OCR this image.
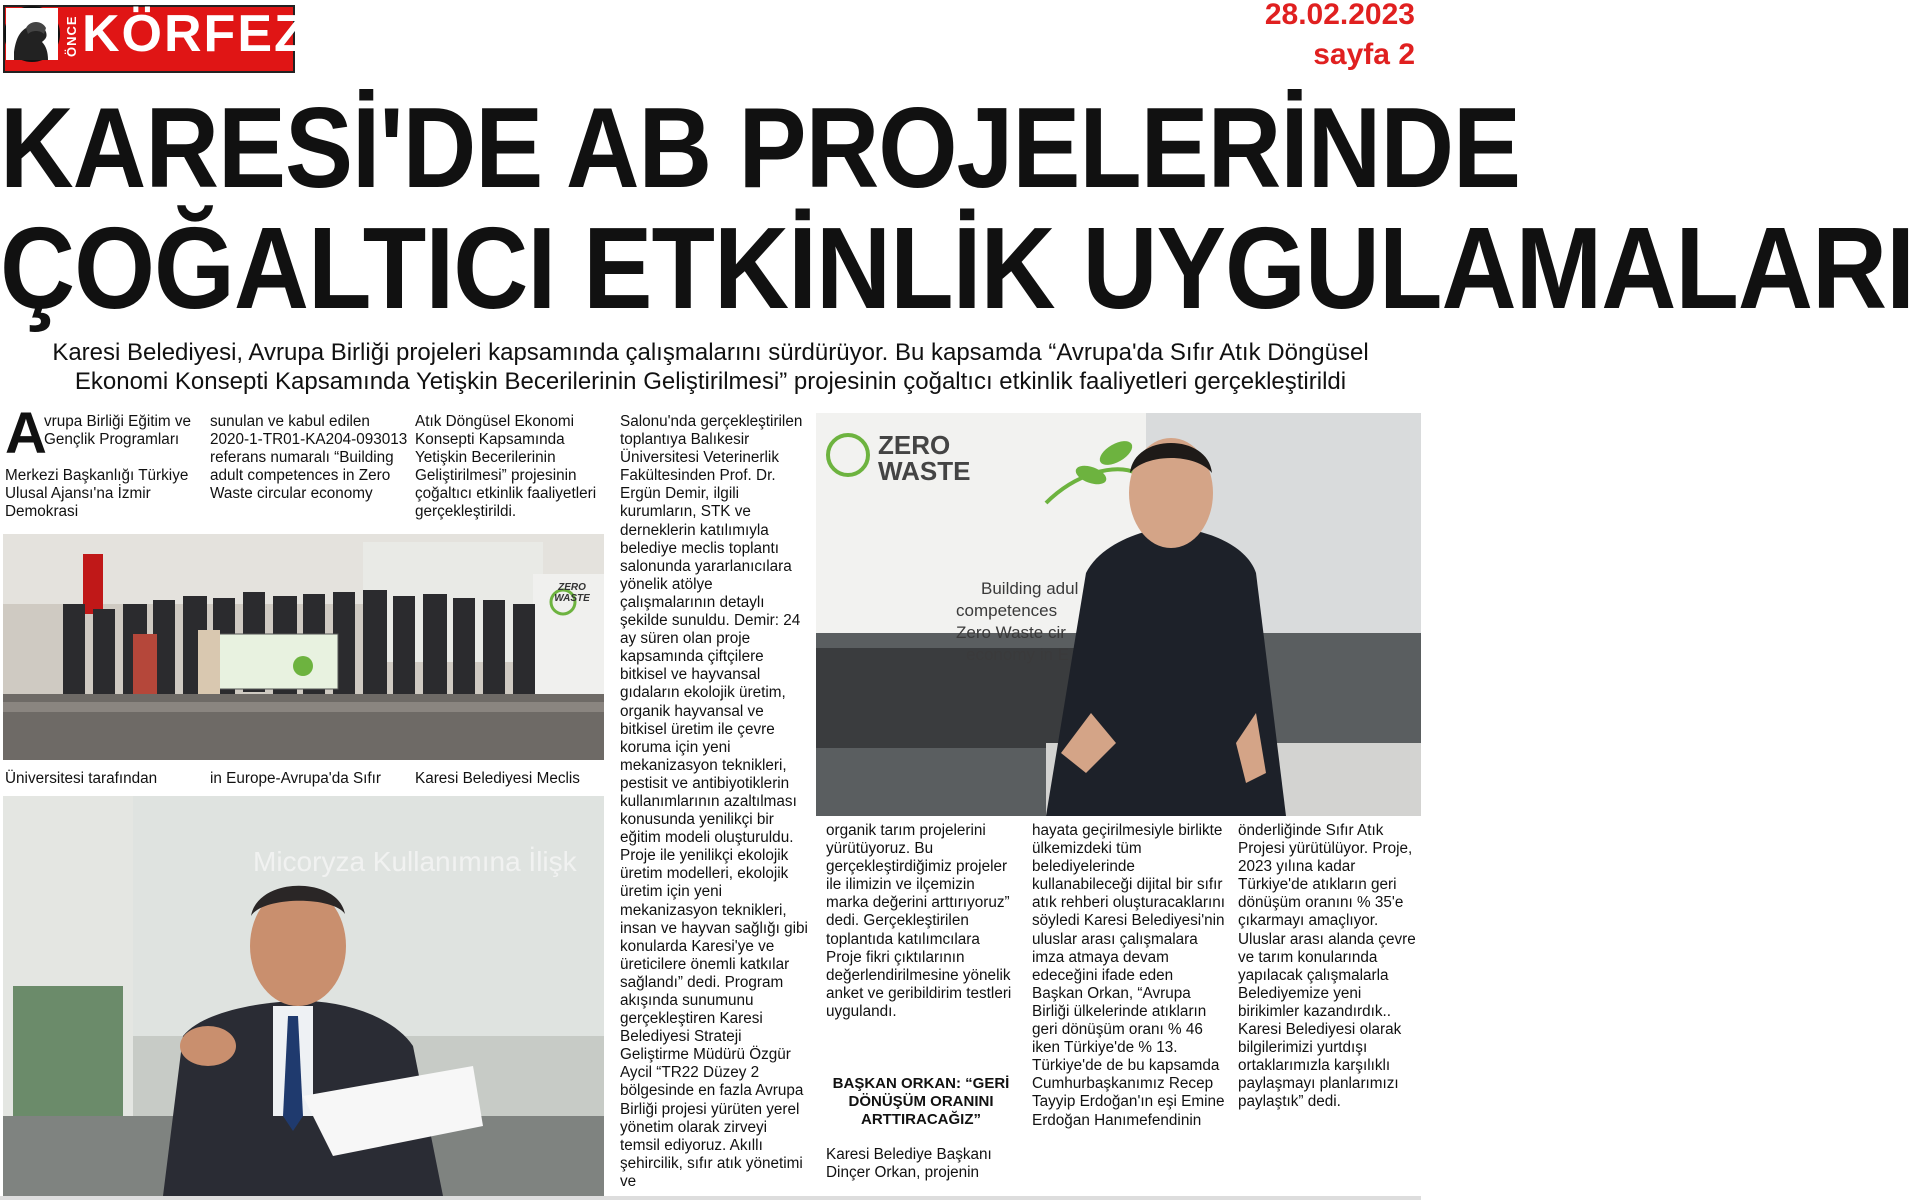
ÖNCE KÖRFEZ	28.02.2023
sayfa 2
KARESİ'DE AB PROJELERİNDE
ÇOĞALTICI ETKİNLİK UYGULAMALARI
Karesi Belediyesi, Avrupa Birliği projeleri kapsamında çalışmalarını sürdürüyor. Bu kapsamda “Avrupa'da Sıfır Atık Döngüsel
Ekonomi Konsepti Kapsamında Yetişkin Becerilerinin Geliştirilmesi” projesinin çoğaltıcı etkinlik faaliyetleri gerçekleştirildi
A
vrupa Birliği Eğitim ve Gençlik Programları
Merkezi Başkanlığı Türkiye Ulusal Ajansı'na İzmir Demokrasi
sunulan ve kabul edilen 2020-1-TR01-KA204-093013 referans numaralı “Building adult competences in Zero Waste circular economy
Atık Döngüsel Ekonomi Konsepti Kapsamında Yetişkin Becerilerinin Geliştirilmesi” projesinin çoğaltıcı etkinlik faaliyetleri gerçekleştirildi.
Salonu'nda gerçekleştirilen toplantıya Balıkesir Üniversitesi Veterinerlik Fakültesinden Prof. Dr. Ergün Demir, ilgili kurumların, STK ve derneklerin katılımıyla belediye meclis toplantı salonunda yararlanıcılara yönelik atölye çalışmalarının detaylı şekilde sunuldu. Demir: 24 ay süren olan proje kapsamında çiftçilere bitkisel ve hayvansal gıdaların ekolojik üretim, organik hayvansal ve bitkisel üretim ile çevre koruma için yeni mekanizasyon teknikleri, pestisit ve antibiyotiklerin kullanımlarının azaltılması konusunda yenilikçi bir eğitim modeli oluşturuldu. Proje ile yenilikçi ekolojik üretim modelleri, ekolojik üretim için yeni mekanizasyon teknikleri, insan ve hayvan sağlığı gibi konularda Karesi'ye ve üreticilere önemli katkılar sağlandı” dedi. Program akışında sunumunu gerçekleştiren Karesi Belediyesi Strateji Geliştirme Müdürü Özgür Aycil “TR22 Düzey 2 bölgesinde en fazla Avrupa Birliği projesi yürüten yerel yönetim olarak zirveyi temsil ediyoruz. Akıllı şehircilik, sıfır atık yönetimi ve
Üniversitesi tarafından	in Europe-Avrupa'da Sıfır	Karesi Belediyesi Meclis
organik tarım projelerini yürütüyoruz. Bu gerçekleştirdiğimiz projeler ile ilimizin ve ilçemizin marka değerini arttırıyoruz” dedi. Gerçekleştirilen toplantıda katılımcılara Proje fikri çıktılarının değerlendirilmesine yönelik anket ve geribildirim testleri uygulandı.
BAŞKAN ORKAN: “GERİ DÖNÜŞÜM ORANINI ARTTIRACAĞIZ”
Karesi Belediye Başkanı Dinçer Orkan, projenin
hayata geçirilmesiyle birlikte ülkemizdeki tüm belediyelerinde kullanabileceği dijital bir sıfır atık rehberi oluşturacaklarını söyledi Karesi Belediyesi'nin uluslar arası çalışmalara imza atmaya devam edeceğini ifade eden Başkan Orkan, “Avrupa Birliği ülkelerinde atıkların geri dönüşüm oranı % 46 iken Türkiye'de % 13. Türkiye'de de bu kapsamda Cumhurbaşkanımız Recep Tayyip Erdoğan'ın eşi Emine Erdoğan Hanımefendinin
önderliğinde Sıfır Atık Projesi yürütülüyor. Proje, 2023 yılına kadar Türkiye'de atıkların geri dönüşüm oranını % 35'e çıkarmayı amaçlıyor. Uluslar arası alanda çevre ve tarım konularında yapılacak çalışmalarla Belediyemize yeni birikimler kazandırdık.. Karesi Belediyesi olarak bilgilerimizi yurtdışı ortaklarımızla karşılıklı paylaşmayı planlarımızı paylaştık” dedi.
ZERO WASTE
Micoryza Kullanımına İlişk
ZERO
WASTE
Building adul
competences
Zero Waste cir
economy in E
